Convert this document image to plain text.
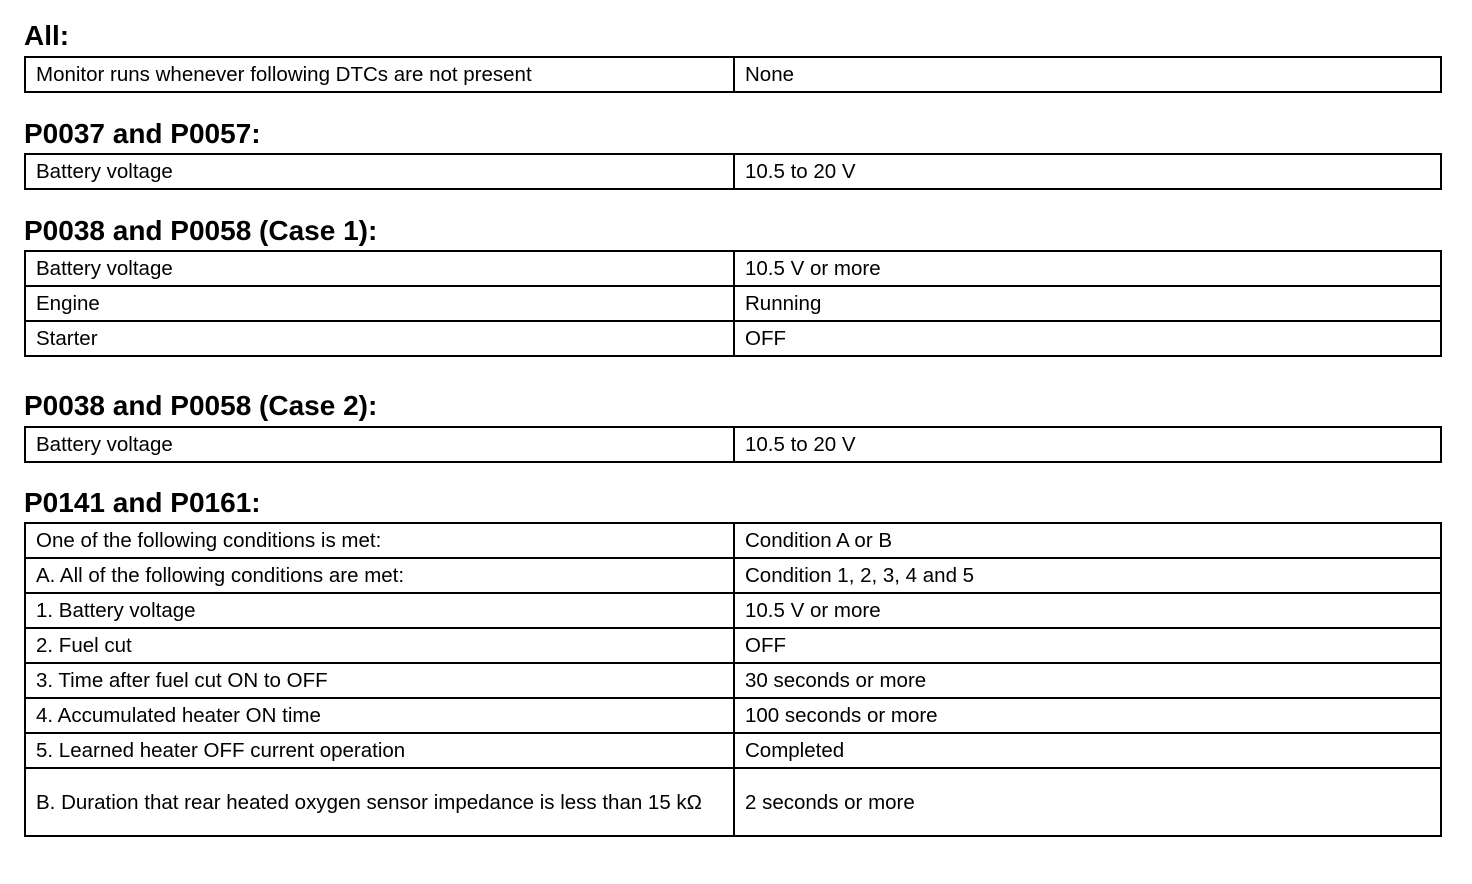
All:
Monitor runs whenever following DTCs are not present	None
P0037 and P0057:
Battery voltage	10.5 to 20 V
P0038 and P0058 (Case 1):
Battery voltage	10.5 V or more
Engine	Running
Starter	OFF
P0038 and P0058 (Case 2):
Battery voltage	10.5 to 20 V
P0141 and P0161:
One of the following conditions is met:	Condition A or B
A. All of the following conditions are met:	Condition 1, 2, 3, 4 and 5
1. Battery voltage	10.5 V or more
2. Fuel cut	OFF
3. Time after fuel cut ON to OFF	30 seconds or more
4. Accumulated heater ON time	100 seconds or more
5. Learned heater OFF current operation	Completed
B. Duration that rear heated oxygen sensor impedance is less than 15 kΩ	2 seconds or more
